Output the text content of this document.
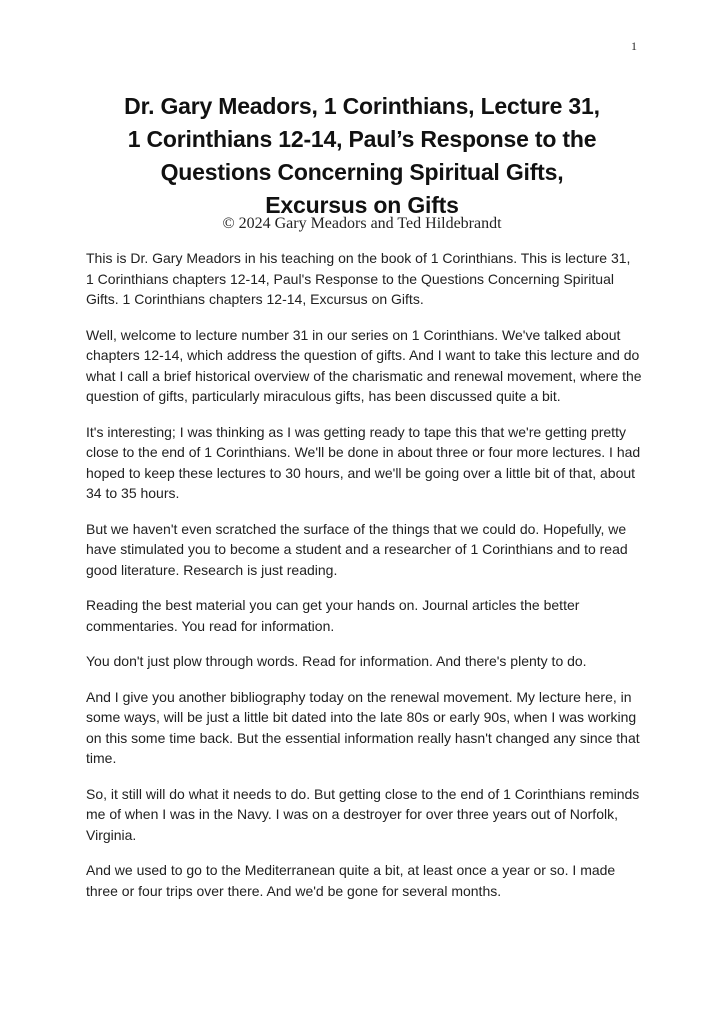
1
Dr. Gary Meadors, 1 Corinthians, Lecture 31,
1 Corinthians 12-14, Paul’s Response to the
Questions Concerning Spiritual Gifts,
Excursus on Gifts
© 2024 Gary Meadors and Ted Hildebrandt

This is Dr. Gary Meadors in his teaching on the book of 1 Corinthians. This is lecture 31, 1 Corinthians chapters 12-14, Paul's Response to the Questions Concerning Spiritual Gifts. 1 Corinthians chapters 12-14, Excursus on Gifts.

Well, welcome to lecture number 31 in our series on 1 Corinthians. We've talked about chapters 12-14, which address the question of gifts. And I want to take this lecture and do what I call a brief historical overview of the charismatic and renewal movement, where the question of gifts, particularly miraculous gifts, has been discussed quite a bit.

It's interesting; I was thinking as I was getting ready to tape this that we're getting pretty close to the end of 1 Corinthians. We'll be done in about three or four more lectures. I had hoped to keep these lectures to 30 hours, and we'll be going over a little bit of that, about 34 to 35 hours.

But we haven't even scratched the surface of the things that we could do. Hopefully, we have stimulated you to become a student and a researcher of 1 Corinthians and to read good literature. Research is just reading.

Reading the best material you can get your hands on. Journal articles the better commentaries. You read for information.

You don't just plow through words. Read for information. And there's plenty to do.

And I give you another bibliography today on the renewal movement. My lecture here, in some ways, will be just a little bit dated into the late 80s or early 90s, when I was working on this some time back. But the essential information really hasn't changed any since that time.

So, it still will do what it needs to do. But getting close to the end of 1 Corinthians reminds me of when I was in the Navy. I was on a destroyer for over three years out of Norfolk, Virginia.

And we used to go to the Mediterranean quite a bit, at least once a year or so. I made three or four trips over there. And we'd be gone for several months.
